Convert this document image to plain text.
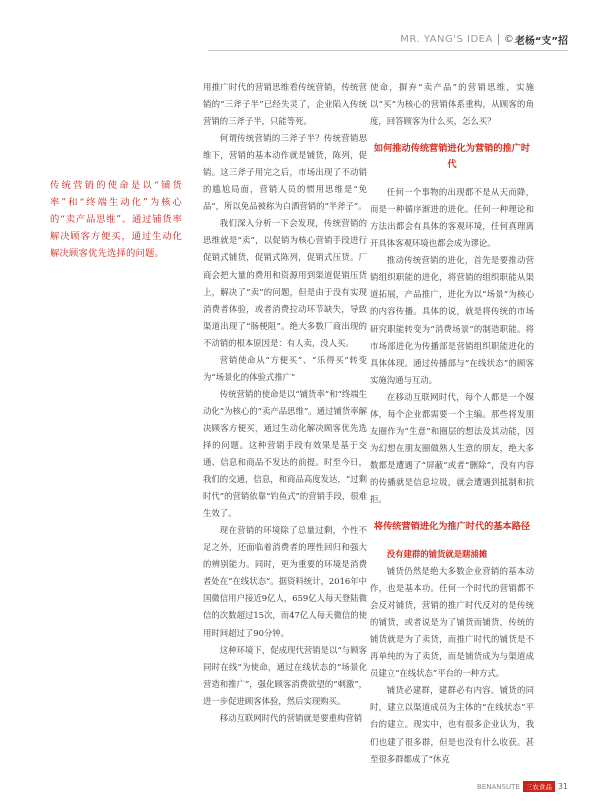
MR. YANG'S IDEA © 老杨“支”招
传统营销的使命是以“铺货率”和“终端生动化”为核心的“卖产品思维”。通过铺货率解决顾客方便买，通过生动化解决顾客优先选择的问题。

用推广时代的营销思维看传统营销，传统营销的“三斧子半”已经失灵了，企业陷入传统营销的三斧子半，只能等死。

何谓传统营销的三斧子半？传统营销思维下，营销的基本动作就是铺货，陈列，促销。这三斧子用完之后，市场出现了不动销的尴尬局面，营销人员的惯用思维是“免品”，所以免品被称为白酒营销的“半斧子”。

我们深入分析一下会发现，传统营销的思维就是“卖”，以促销为核心营销手段进行促销式铺货，促销式陈列，促销式压货。厂商会把大量的费用和资源用到渠道促销压货上，解决了“卖”的问题，但是由于没有实现消费者体验，或者消费拉动环节缺失，导致渠道出现了“肠梗阻”。绝大多数厂商出现的不动销的根本原因是：有人卖，没人买。

营销使命从“方便买”、“乐得买”转变为“场景化的体验式推广”

传统营销的使命是以“铺货率”和“终端生动化”为核心的“卖产品思维”。通过铺货率解决顾客方便买，通过生动化解决顾客优先选择的问题。这种营销手段有效果是基于交通、信息和商品不发达的前提。时至今日，我们的交通，信息，和商品高度发达，“过剩时代”的营销依靠“钓鱼式”的营销手段，很难生效了。

现在营销的环境除了总量过剩，个性不足之外，还面临着消费者的理性回归和强大的辨别能力。同时，更为重要的环境是消费者处在“在线状态”。据资料统计，2016年中国微信用户接近9亿人，659亿人每天登陆微信的次数超过15次，而47亿人每天微信的使用时间超过了90分钟。

这种环境下，促成现代营销是以“与顾客同时在线”为使命，通过在线状态的“场景化营造和推广”，强化顾客消费欲望的“刺激”，进一步促进顾客体验，然后实现购买。

移动互联网时代的营销就是要重构营销

使命，摒弃“卖产品”的营销思维，实施以“买”为核心的营销体系重构，从顾客的角度，回答顾客为什么买，怎么买？

如何推动传统营销进化为营销的推广时代

任何一个事物的出现都不是从天而降，而是一种循序渐进的进化。任何一种理论和方法出都会有具体的客观环境，任何真理离开具体客观环境也都会成为谬论。

推动传统营销的进化，首先是要推动营销组织职能的进化，将营销的组织职能从渠道拓展，产品推广，进化为以“场景”为核心的内容传播。具体的说，就是将传统的市场研究职能转变为“消费场景”的制造职能。将市场部进化为传播部是营销组织职能进化的具体体现。通过传播部与“在线状态”的顾客实施沟通与互动。

在移动互联网时代，每个人都是一个媒体，每个企业都需要一个主编。那些将发朋友圈作为“生意”和圈层的想法及其动能，因为幻想在朋友圈做熟人生意的朋友，绝大多数都是遭遇了“屏蔽”或者“删除”，没有内容的传播就是信息垃圾，就会遭遇到抵制和抗拒。

将传统营销进化为推广时代的基本路径
没有建群的铺货就是瞎浦摊

铺货仍然是绝大多数企业营销的基本动作，也是基本功。任何一个时代的营销都不会反对铺货，营销的推广时代反对的是传统的铺货，或者说是为了铺货而铺货，传统的铺货就是为了卖货，而推广时代的铺货是不再单纯的为了卖货，而是铺货成为与渠道成员建立“在线状态”平台的一种方式。

铺货必建群，建群必有内容。铺货的同时，建立以渠道成员为主体的“在线状态”平台的建立。现实中，也有很多企业认为，我们也建了很多群，但是也没有什么收获。甚至很多群都成了“休克

BENANSUTE 三农食品 31
